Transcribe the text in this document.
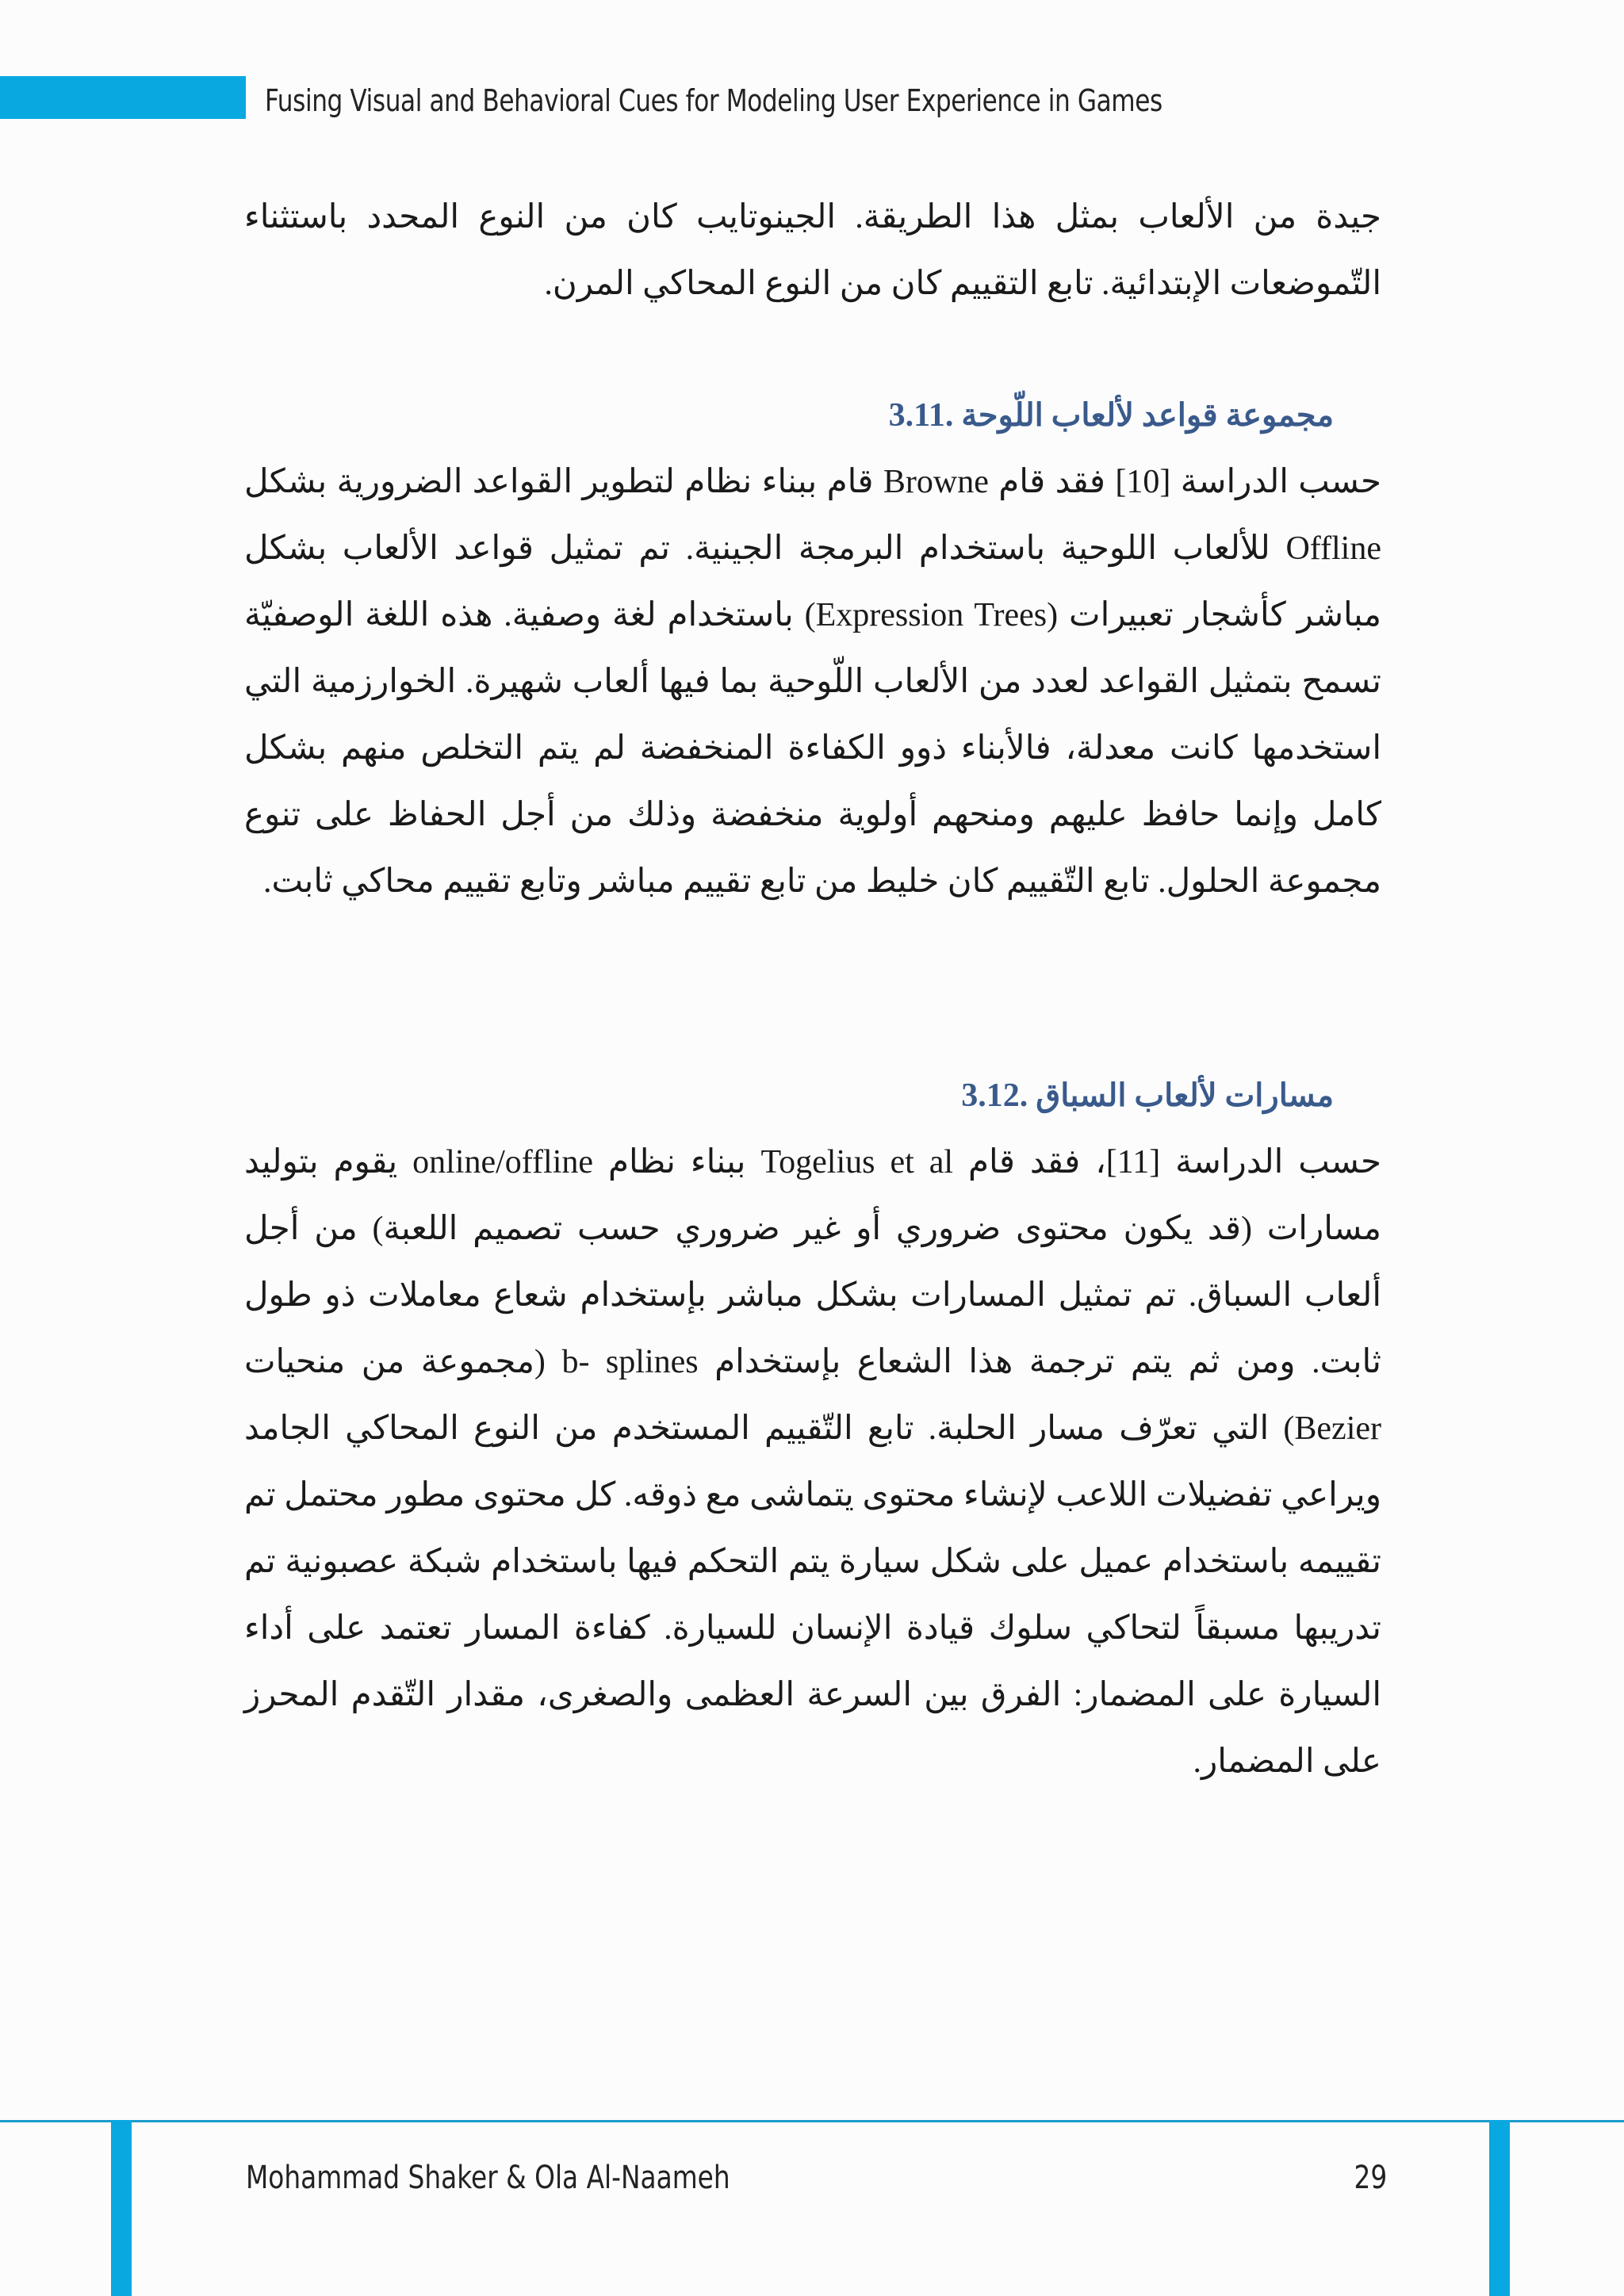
Fusing Visual and Behavioral Cues for Modeling User Experience in Games

جيدة من الألعاب بمثل هذا الطريقة. الجينوتايب كان من النوع المحدد باستثناء التّموضعات الإبتدائية. تابع التقييم كان من النوع المحاكي المرن.

مجموعة قواعد لألعاب اللّوحة .3.11

حسب الدراسة [10] فقد قام Browne قام ببناء نظام لتطوير القواعد الضرورية بشكل Offline للألعاب اللوحية باستخدام البرمجة الجينية. تم تمثيل قواعد الألعاب بشكل مباشر كأشجار تعبيرات (Expression Trees) باستخدام لغة وصفية. هذه اللغة الوصفيّة تسمح بتمثيل القواعد لعدد من الألعاب اللّوحية بما فيها ألعاب شهيرة. الخوارزمية التي استخدمها كانت معدلة، فالأبناء ذوو الكفاءة المنخفضة لم يتم التخلص منهم بشكل كامل وإنما حافظ عليهم ومنحهم أولوية منخفضة وذلك من أجل الحفاظ على تنوع مجموعة الحلول. تابع التّقييم كان خليط من تابع تقييم مباشر وتابع تقييم محاكي ثابت.

مسارات لألعاب السباق .3.12

حسب الدراسة [11]، فقد قام Togelius et al ببناء نظام online/offline يقوم بتوليد مسارات (قد يكون محتوى ضروري أو غير ضروري حسب تصميم اللعبة) من أجل ألعاب السباق. تم تمثيل المسارات بشكل مباشر بإستخدام شعاع معاملات ذو طول ثابت. ومن ثم يتم ترجمة هذا الشعاع بإستخدام b- splines (مجموعة من منحيات Bezier) التي تعرّف مسار الحلبة. تابع التّقييم المستخدم من النوع المحاكي الجامد ويراعي تفضيلات اللاعب لإنشاء محتوى يتماشى مع ذوقه. كل محتوى مطور محتمل تم تقييمه باستخدام عميل على شكل سيارة يتم التحكم فيها باستخدام شبكة عصبونية تم تدريبها مسبقاً لتحاكي سلوك قيادة الإنسان للسيارة. كفاءة المسار تعتمد على أداء السيارة على المضمار: الفرق بين السرعة العظمى والصغرى، مقدار التّقدم المحرز على المضمار.

Mohammad Shaker & Ola Al-Naameh	29
